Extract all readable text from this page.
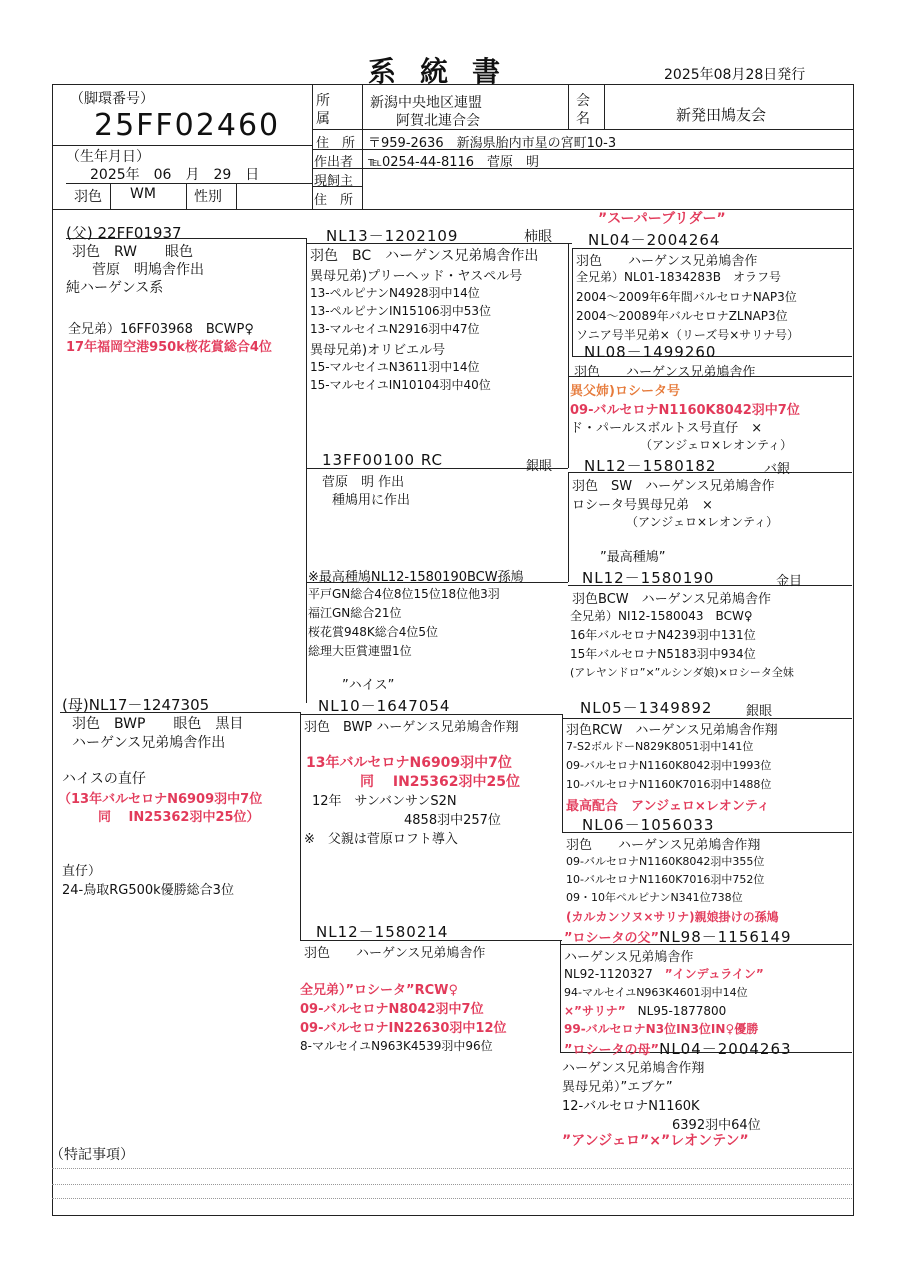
系統書	2025年08月28日発行
（脚環番号）
25FF02460
（生年月日）
2025年　06　月　29　日
羽色 WM	性別
所属
新潟中央地区連盟
阿賀北連合会
会名	新発田鳩友会
住　所 〒959-2636　新潟県胎内市星の宮町10-3
作出者 ℡0254-44-8116　菅原　明
現飼主
住　所
(父) 22FF01937
羽色　RW　　眼色
菅原　明鳩舎作出
純ハーゲンス系
全兄弟）16FF03968　BCWP♀
17年福岡空港950k桜花賞総合4位
NL13－1202109	柿眼
羽色　BC　ハーゲンス兄弟鳩舎作出
異母兄弟)プリーヘッド・ヤスペル号
13-ペルピナンN4928羽中14位
13-ペルピナンIN15106羽中53位
13-マルセイユN2916羽中47位
異母兄弟)オリビエル号
15-マルセイユN3611羽中14位
15-マルセイユIN10104羽中40位
”スーパーブリダー”
NL04－2004264
羽色　　ハーゲンス兄弟鳩舎作
全兄弟）NL01-1834283B　オラフ号
2004～2009年6年間バルセロナNAP3位
2004～20089年バルセロナZLNAP3位
ソニア号半兄弟×（リーズ号×サリナ号）
NL08－1499260
羽色　　ハーゲンス兄弟鳩舎作
異父姉)ロシータ号
09-バルセロナN1160K8042羽中7位
ド・パールスボルトス号直仔　×
（アンジェロ×レオンティ）
13FF00100 RC	銀眼
菅原　明 作出
種鳩用に作出
※最高種鳩NL12-1580190BCW孫鳩
平戸GN総合4位8位15位18位他3羽
福江GN総合21位
桜花賞948K総合4位5位
総理大臣賞連盟1位
NL12－1580182	バ銀
羽色　SW　ハーゲンス兄弟鳩舎作
ロシータ号異母兄弟　×
（アンジェロ×レオンティ）
”最高種鳩”
NL12－1580190	金目
羽色BCW　ハーゲンス兄弟鳩舎作
全兄弟）NI12-1580043　BCW♀
16年バルセロナN4239羽中131位
15年バルセロナN5183羽中934位
(アレヤンドロ”×”ルシンダ娘)×ロシータ全妹
(母)NL17－1247305
羽色　BWP　　眼色　黒目
ハーゲンス兄弟鳩舎作出
ハイスの直仔
（13年バルセロナN6909羽中7位
同　 IN25362羽中25位）
直仔）
24-鳥取RG500k優勝総合3位
”ハイス”
NL10－1647054
羽色　BWP ハーゲンス兄弟鳩舎作翔
13年バルセロナN6909羽中7位
同　 IN25362羽中25位
12年　サンバンサンS2N
4858羽中257位
※　父親は菅原ロフト導入
NL05－1349892	銀眼
羽色RCW　ハーゲンス兄弟鳩舎作翔
7-S2ボルドーN829K8051羽中141位
09-バルセロナN1160K8042羽中1993位
10-バルセロナN1160K7016羽中1488位
最高配合　アンジェロ×レオンティ
NL06－1056033
羽色　　ハーゲンス兄弟鳩舎作翔
09-バルセロナN1160K8042羽中355位
10-バルセロナN1160K7016羽中752位
09・10年ペルピナンN341位738位
(カルカンソヌ×サリナ)親娘掛けの孫鳩
NL12－1580214
羽色　　ハーゲンス兄弟鳩舎作
全兄弟）”ロシータ”RCW♀
09-バルセロナN8042羽中7位
09-バルセロナIN22630羽中12位
8-マルセイユN963K4539羽中96位
”ロシータの父”NL98－1156149
ハーゲンス兄弟鳩舎作
NL92-1120327　 ”インデュライン”
94-マルセイユN963K4601羽中14位
×”サリナ”　 NL95-1877800
99-バルセロナN3位IN3位IN♀優勝
”ロシータの母”NL04－2004263
ハーゲンス兄弟鳩舎作翔
異母兄弟）”エブケ”
12-バルセロナN1160K
6392羽中64位
”アンジェロ”×”レオンテン”
（特記事項）
